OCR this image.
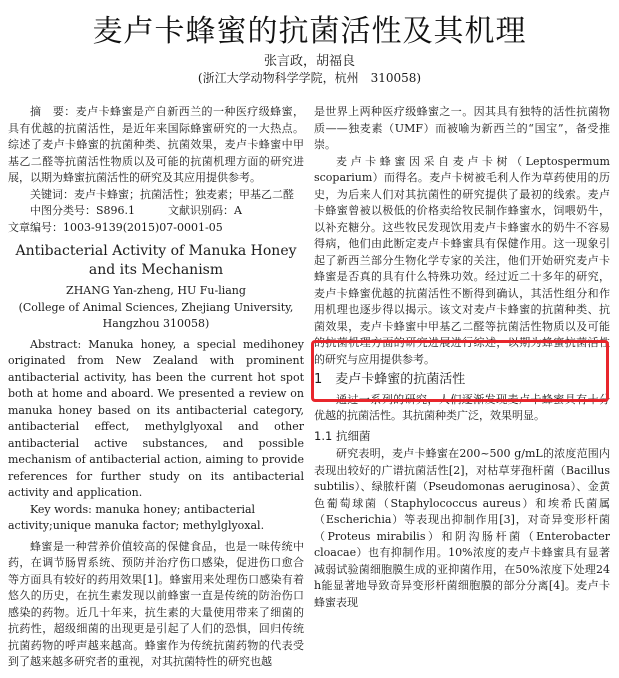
麦卢卡蜂蜜的抗菌活性及其机理
张言政，胡福良
(浙江大学动物科学学院，杭州　310058)

摘　要：麦卢卡蜂蜜是产自新西兰的一种医疗级蜂蜜，具有优越的抗菌活性，是近年来国际蜂蜜研究的一大热点。综述了麦卢卡蜂蜜的抗菌种类、抗菌效果，麦卢卡蜂蜜中甲基乙二醛等抗菌活性物质以及可能的抗菌机理方面的研究进展，以期为蜂蜜抗菌活性的研究及其应用提供参考。

关键词：麦卢卡蜂蜜；抗菌活性；独麦素；甲基乙二醛

中图分类号：S896.1　　　文献识别码：A

文章编号：1003-9139(2015)07-0001-05

Antibacterial Activity of Manuka Honey and its Mechanism

ZHANG Yan-zheng, HU Fu-liang

(College of Animal Sciences, Zhejiang University, Hangzhou 310058)

Abstract: Manuka honey, a special medihoney originated from New Zealand with prominent antibacterial activity, has been the current hot spot both at home and aboard. We presented a review on manuka honey based on its antibacterial category, antibacterial effect, methylglyoxal and other antibacterial active substances, and possible mechanism of antibacterial action, aiming to provide references for further study on its antibacterial activity and application.

Key words: manuka honey; antibacterial activity;unique manuka factor; methylglyoxal.

蜂蜜是一种营养价值较高的保健食品，也是一味传统中药，在调节肠胃系统、预防并治疗伤口感染，促进伤口愈合等方面具有较好的药用效果[1]。蜂蜜用来处理伤口感染有着悠久的历史，在抗生素发现以前蜂蜜一直是传统的防治伤口感染的药物。近几十年来，抗生素的大量使用带来了细菌的抗药性，超级细菌的出现更是引起了人们的恐惧，回归传统抗菌药物的呼声越来越高。蜂蜜作为传统抗菌药物的代表受到了越来越多研究者的重视，对其抗菌特性的研究也越

是世界上两种医疗级蜂蜜之一。因其具有独特的活性抗菌物质——独麦素（UMF）而被喻为新西兰的“国宝”，备受推崇。

麦卢卡蜂蜜因采自麦卢卡树（Leptospermum scoparium）而得名。麦卢卡树被毛利人作为草药使用的历史，为后来人们对其抗菌性的研究提供了最初的线索。麦卢卡蜂蜜曾被以极低的价格卖给牧民制作蜂蜜水，饲喂奶牛，以补充糖分。这些牧民发现饮用麦卢卡蜂蜜水的奶牛不容易得病，他们由此断定麦卢卡蜂蜜具有保健作用。这一现象引起了新西兰部分生物化学专家的关注，他们开始研究麦卢卡蜂蜜是否真的具有什么特殊功效。经过近二十多年的研究，麦卢卡蜂蜜优越的抗菌活性不断得到确认，其活性组分和作用机理也逐步得以揭示。该文对麦卢卡蜂蜜的抗菌种类、抗菌效果，麦卢卡蜂蜜中甲基乙二醛等抗菌活性物质以及可能的抗菌机理方面的研究进展进行综述，以期为蜂蜜抗菌活性的研究与应用提供参考。

1　麦卢卡蜂蜜的抗菌活性

通过一系列的研究，人们逐渐发现麦卢卡蜂蜜具有十分优越的抗菌活性。其抗菌种类广泛，效果明显。

1.1 抗细菌

研究表明，麦卢卡蜂蜜在200~500 g/mL的浓度范围内表现出较好的广谱抗菌活性[2]，对枯草芽孢杆菌（Bacillus subtilis）、绿脓杆菌（Pseudomonas aeruginosa）、金黄色葡萄球菌（Staphylococcus aureus）和埃希氏菌属（Escherichia）等表现出抑制作用[3]，对奇异变形杆菌（Proteus mirabilis）和阴沟肠杆菌（Enterobacter cloacae）也有抑制作用。10%浓度的麦卢卡蜂蜜具有显著减弱试验菌细胞膜生成的亚抑菌作用，在50%浓度下处理24 h能显著地导致奇异变形杆菌细胞膜的部分分离[4]。麦卢卡蜂蜜表现
